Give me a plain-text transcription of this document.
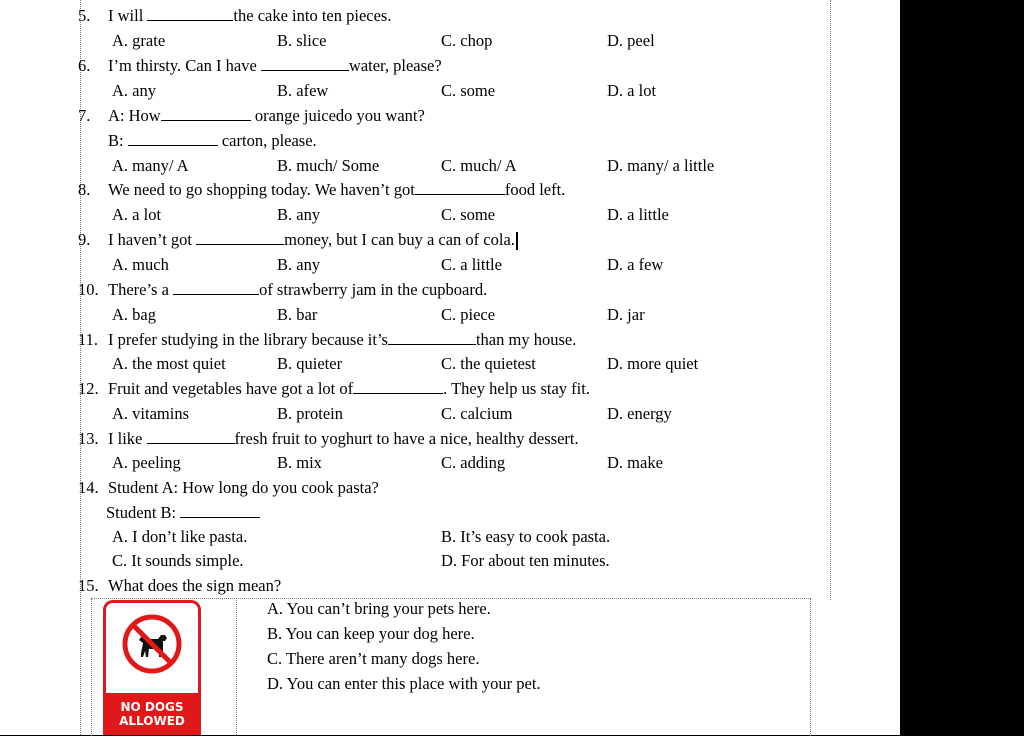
5. I will	the cake into ten pieces.
A. grate	B. slice	C. chop	D. peel
6. I’m thirsty. Can I have	water, please?
A. any	B. afew	C. some	D. a lot
7. A: How	orange juicedo you want?
B:	carton, please.
A. many/ A	B. much/ Some	C. much/ A	D. many/ a little
8. We need to go shopping today. We haven’t got	food left.
A. a lot	B. any	C. some	D. a little
9. I haven’t got	money, but I can buy a can of cola.
A. much	B. any	C. a little	D. a few
10. There’s a	of strawberry jam in the cupboard.
A. bag	B. bar	C. piece	D. jar
11. I prefer studying in the library because it’s	than my house.
A. the most quiet	B. quieter	C. the quietest	D. more quiet
12. Fruit and vegetables have got a lot of	. They help us stay fit.
A. vitamins	B. protein	C. calcium	D. energy
13. I like	fresh fruit to yoghurt to have a nice, healthy dessert.
A. peeling	B. mix	C. adding	D. make
14. Student A: How long do you cook pasta?
Student B:
A. I don’t like pasta.	B. It’s easy to cook pasta.
C. It sounds simple.	D. For about ten minutes.
15. What does the sign mean?
NO DOGS
ALLOWED
A. You can’t bring your pets here.
B. You can keep your dog here.
C. There aren’t many dogs here.
D. You can enter this place with your pet.
